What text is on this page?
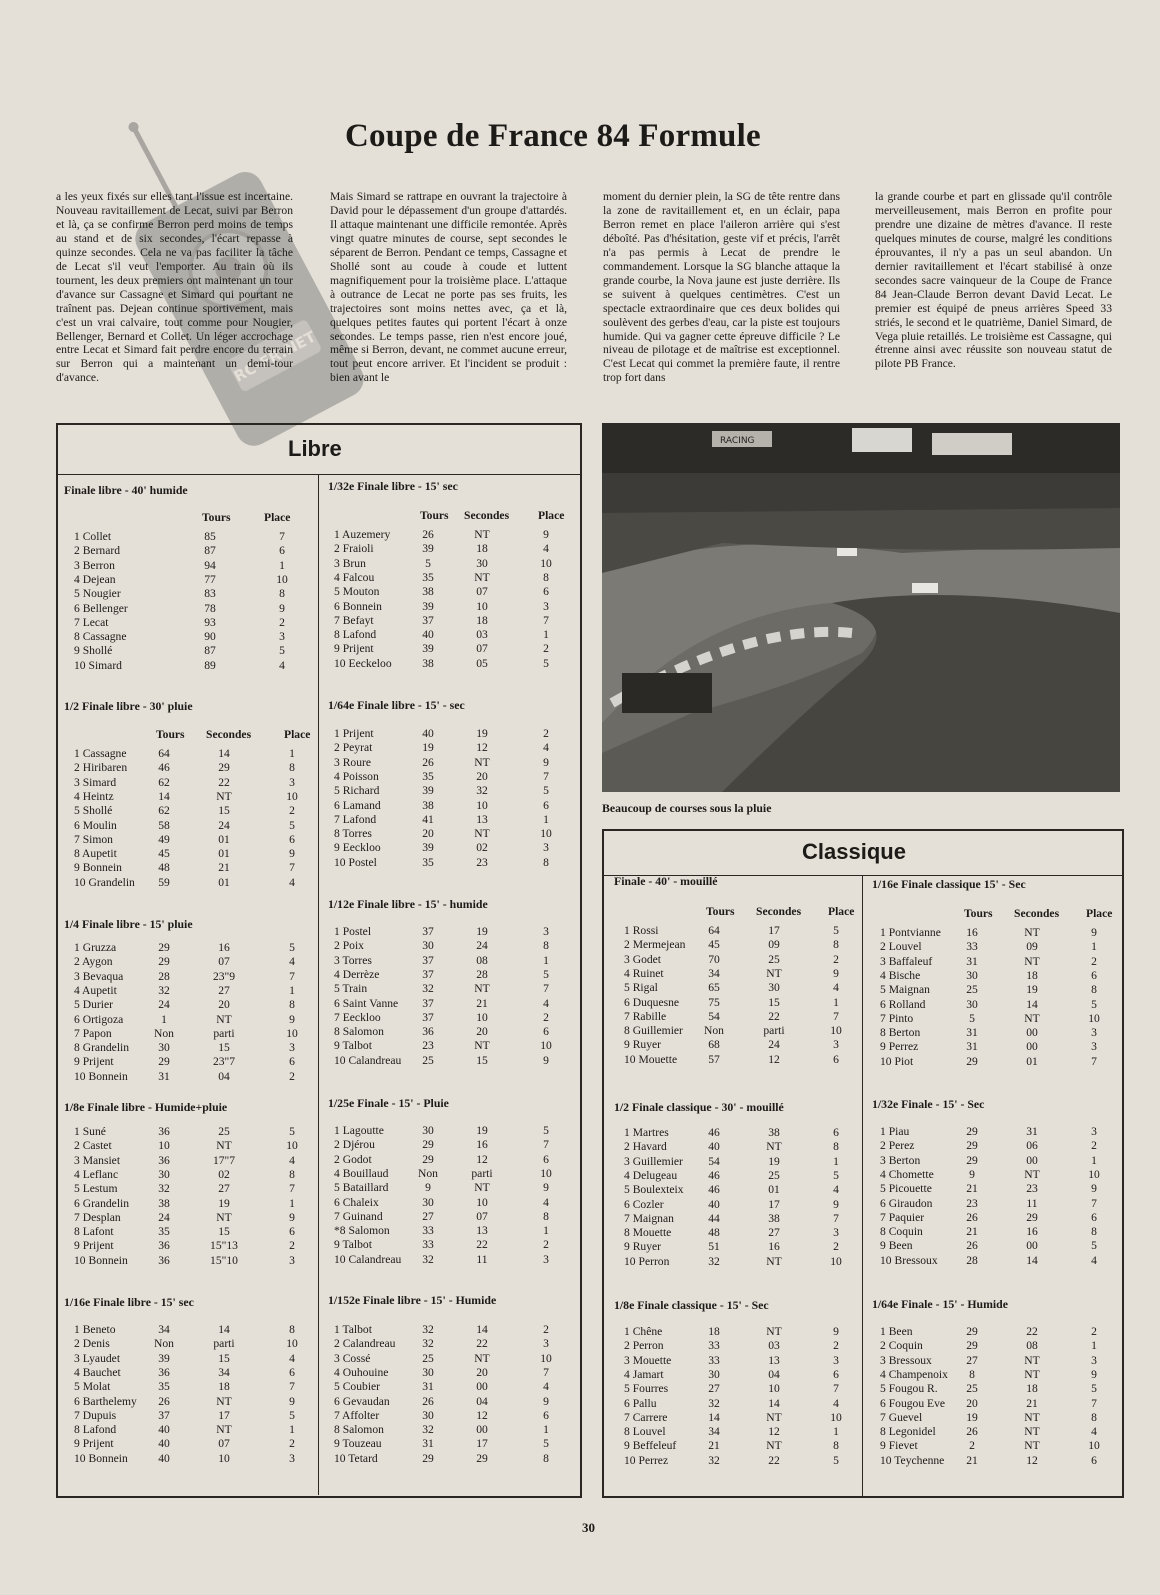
Coupe de France 84 Formule
RC-FR.NET
a les yeux fixés sur elles tant l'issue est incertaine. Nouveau ravitaillement de Lecat, suivi par Berron et là, ça se confirme Berron perd moins de temps au stand et de six secondes, l'écart repasse à quinze secondes. Cela ne va pas faciliter la tâche de Lecat s'il veut l'emporter. Au train où ils tournent, les deux premiers ont maintenant un tour d'avance sur Cassagne et Simard qui pourtant ne traînent pas. Dejean continue sportivement, mais c'est un vrai calvaire, tout comme pour Nougier, Bellenger, Bernard et Collet. Un léger accrochage entre Lecat et Simard fait perdre encore du terrain sur Berron qui a maintenant un demi-tour d'avance.
Mais Simard se rattrape en ouvrant la trajectoire à David pour le dépassement d'un groupe d'attardés. Il attaque maintenant une difficile remontée. Après vingt quatre minutes de course, sept secondes le séparent de Berron. Pendant ce temps, Cassagne et Shollé sont au coude à coude et luttent magnifiquement pour la troisième place. L'attaque à outrance de Lecat ne porte pas ses fruits, les trajectoires sont moins nettes avec, ça et là, quelques petites fautes qui portent l'écart à onze secondes. Le temps passe, rien n'est encore joué, même si Berron, devant, ne commet aucune erreur, tout peut encore arriver. Et l'incident se produit : bien avant le
moment du dernier plein, la SG de tête rentre dans la zone de ravitaillement et, en un éclair, papa Berron remet en place l'aileron arrière qui s'est déboîté. Pas d'hésitation, geste vif et précis, l'arrêt n'a pas permis à Lecat de prendre le commandement. Lorsque la SG blanche attaque la grande courbe, la Nova jaune est juste derrière. Ils se suivent à quelques centimètres. C'est un spectacle extraordinaire que ces deux bolides qui soulèvent des gerbes d'eau, car la piste est toujours humide. Qui va gagner cette épreuve difficile ? Le niveau de pilotage et de maîtrise est exceptionnel. C'est Lecat qui commet la première faute, il rentre trop fort dans
la grande courbe et part en glissade qu'il contrôle merveilleusement, mais Berron en profite pour prendre une dizaine de mètres d'avance. Il reste quelques minutes de course, malgré les conditions éprouvantes, il n'y a pas un seul abandon. Un dernier ravitaillement et l'écart stabilisé à onze secondes sacre vainqueur de la Coupe de France 84 Jean-Claude Berron devant David Lecat. Le premier est équipé de pneus arrières Speed 33 striés, le second et le quatrième, Daniel Simard, de Vega pluie retaillés. Le troisième est Cassagne, qui étrenne ainsi avec réussite son nouveau statut de pilote PB France.
Libre	RACING
Beaucoup de courses sous la pluie
Classique
Finale libre - 40' humide
Tours	Place
1 Collet	85	7
2 Bernard	87	6
3 Berron	94	1
4 Dejean	77	10
5 Nougier	83	8
6 Bellenger	78	9
7 Lecat	93	2
8 Cassagne	90	3
9 Shollé	87	5
10 Simard	89	4
1/2 Finale libre - 30' pluie
Tours Secondes	Place
1 Cassagne	64	14	1
2 Hiribaren	46	29	8
3 Simard	62	22	3
4 Heintz	14	NT	10
5 Shollé	62	15	2
6 Moulin	58	24	5
7 Simon	49	01	6
8 Aupetit	45	01	9
9 Bonnein	48	21	7
10 Grandelin	59	01	4
1/4 Finale libre - 15' pluie
1 Gruzza	29	16	5
2 Aygon	29	07	4
3 Bevaqua	28	23"9	7
4 Aupetit	32	27	1
5 Durier	24	20	8
6 Ortigoza	1	NT	9
7 Papon	Non	parti	10
8 Grandelin	30	15	3
9 Prijent	29	23"7	6
10 Bonnein	31	04	2
1/8e Finale libre - Humide+pluie
1 Suné	36	25	5
2 Castet	10	NT	10
3 Mansiet	36	17"7	4
4 Leflanc	30	02	8
5 Lestum	32	27	7
6 Grandelin	38	19	1
7 Desplan	24	NT	9
8 Lafont	35	15	6
9 Prijent	36	15"13	2
10 Bonnein	36	15"10	3
1/16e Finale libre - 15' sec
1 Beneto	34	14	8
2 Denis	Non	parti	10
3 Lyaudet	39	15	4
4 Bauchet	36	34	6
5 Molat	35	18	7
6 Barthelemy	26	NT	9
7 Dupuis	37	17	5
8 Lafond	40	NT	1
9 Prijent	40	07	2
10 Bonnein	40	10	3
1/32e Finale libre - 15' sec
Tours Secondes Place
1 Auzemery	26	NT	9
2 Fraioli	39	18	4
3 Brun	5	30	10
4 Falcou	35	NT	8
5 Mouton	38	07	6
6 Bonnein	39	10	3
7 Befayt	37	18	7
8 Lafond	40	03	1
9 Prijent	39	07	2
10 Eeckeloo	38	05	5
1/64e Finale libre - 15' - sec
1 Prijent	40	19	2
2 Peyrat	19	12	4
3 Roure	26	NT	9
4 Poisson	35	20	7
5 Richard	39	32	5
6 Lamand	38	10	6
7 Lafond	41	13	1
8 Torres	20	NT	10
9 Eeckloo	39	02	3
10 Postel	35	23	8
1/12e Finale libre - 15' - humide
1 Postel	37	19	3
2 Poix	30	24	8
3 Torres	37	08	1
4 Derrèze	37	28	5
5 Train	32	NT	7
6 Saint Vanne	37	21	4
7 Eeckloo	37	10	2
8 Salomon	36	20	6
9 Talbot	23	NT	10
10 Calandreau	25	15	9
1/25e Finale - 15' - Pluie
1 Lagoutte	30	19	5
2 Djérou	29	16	7
2 Godot	29	12	6
4 Bouillaud	Non	parti	10
5 Bataillard	9	NT	9
6 Chaleix	30	10	4
7 Guinand	27	07	8
*8 Salomon	33	13	1
9 Talbot	33	22	2
10 Calandreau	32	11	3
1/152e Finale libre - 15' - Humide
1 Talbot	32	14	2
2 Calandreau	32	22	3
3 Cossé	25	NT	10
4 Ouhouine	30	20	7
5 Coubier	31	00	4
6 Gevaudan	26	04	9
7 Affolter	30	12	6
8 Salomon	32	00	1
9 Touzeau	31	17	5
10 Tetard	29	29	8
Finale - 40' - mouillé
Tours Secondes Place
1 Rossi	64	17	5
2 Mermejean	45	09	8
3 Godet	70	25	2
4 Ruinet	34	NT	9
5 Rigal	65	30	4
6 Duquesne	75	15	1
7 Rabille	54	22	7
8 Guillemier	Non	parti	10
9 Ruyer	68	24	3
10 Mouette	57	12	6
1/2 Finale classique - 30' - mouillé
1 Martres	46	38	6
2 Havard	40	NT	8
3 Guillemier	54	19	1
4 Delugeau	46	25	5
5 Boulexteix	46	01	4
6 Cozler	40	17	9
7 Maignan	44	38	7
8 Mouette	48	27	3
9 Ruyer	51	16	2
10 Perron	32	NT	10
1/8e Finale classique - 15' - Sec
1 Chêne	18	NT	9
2 Perron	33	03	2
3 Mouette	33	13	3
4 Jamart	30	04	6
5 Fourres	27	10	7
6 Pallu	32	14	4
7 Carrere	14	NT	10
8 Louvel	34	12	1
9 Beffeleuf	21	NT	8
10 Perrez	32	22	5
1/16e Finale classique 15' - Sec
Tours Secondes Place
1 Pontvianne	16	NT	9
2 Louvel	33	09	1
3 Baffaleuf	31	NT	2
4 Bische	30	18	6
5 Maignan	25	19	8
6 Rolland	30	14	5
7 Pinto	5	NT	10
8 Berton	31	00	3
9 Perrez	31	00	3
10 Piot	29	01	7
1/32e Finale - 15' - Sec
1 Piau	29	31	3
2 Perez	29	06	2
3 Berton	29	00	1
4 Chomette	9	NT	10
5 Picouette	21	23	9
6 Giraudon	23	11	7
7 Paquier	26	29	6
8 Coquin	21	16	8
9 Been	26	00	5
10 Bressoux	28	14	4
1/64e Finale - 15' - Humide
1 Been	29	22	2
2 Coquin	29	08	1
3 Bressoux	27	NT	3
4 Champenoix	8	NT	9
5 Fougou R.	25	18	5
6 Fougou Eve	20	21	7
7 Guevel	19	NT	8
8 Legonidel	26	NT	4
9 Fievet	2	NT	10
10 Teychenne	21	12	6
30
